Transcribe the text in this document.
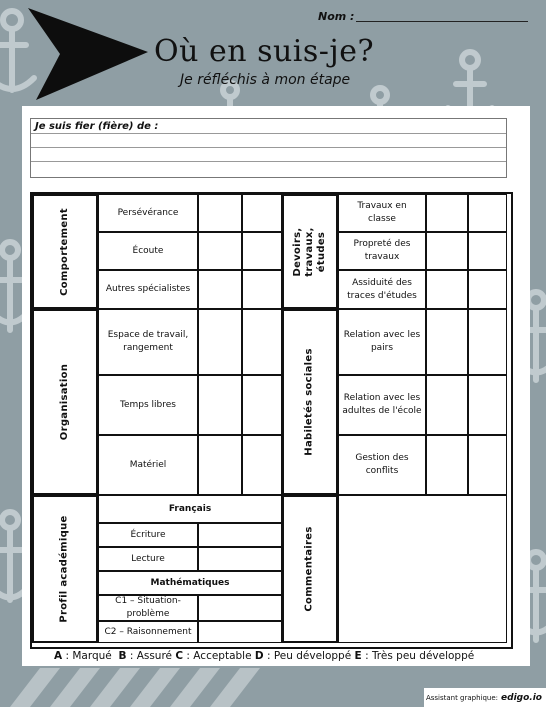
Nom :
Où en suis-je?
Je réfléchis à mon étape
Je suis fier (fière) de :
Comportement	Persévérance
Écoute
Autres spécialistes
Devoirs, travaux, études
Travaux en classe
Propreté des travaux
Assiduité des traces d'études
Organisation
Espace de travail, rangement
Temps libres
Matériel
Habiletés sociales
Relation avec les pairs
Relation avec les adultes de l'école
Gestion des conflits
Profil académique
Français
Écriture
Lecture
Mathématiques
C1 – Situation-problème
C2 – Raisonnement
Commentaires
A : Marqué B : Assuré C : Acceptable D : Peu développé E : Très peu développé
Assistant graphique: edigo.io
